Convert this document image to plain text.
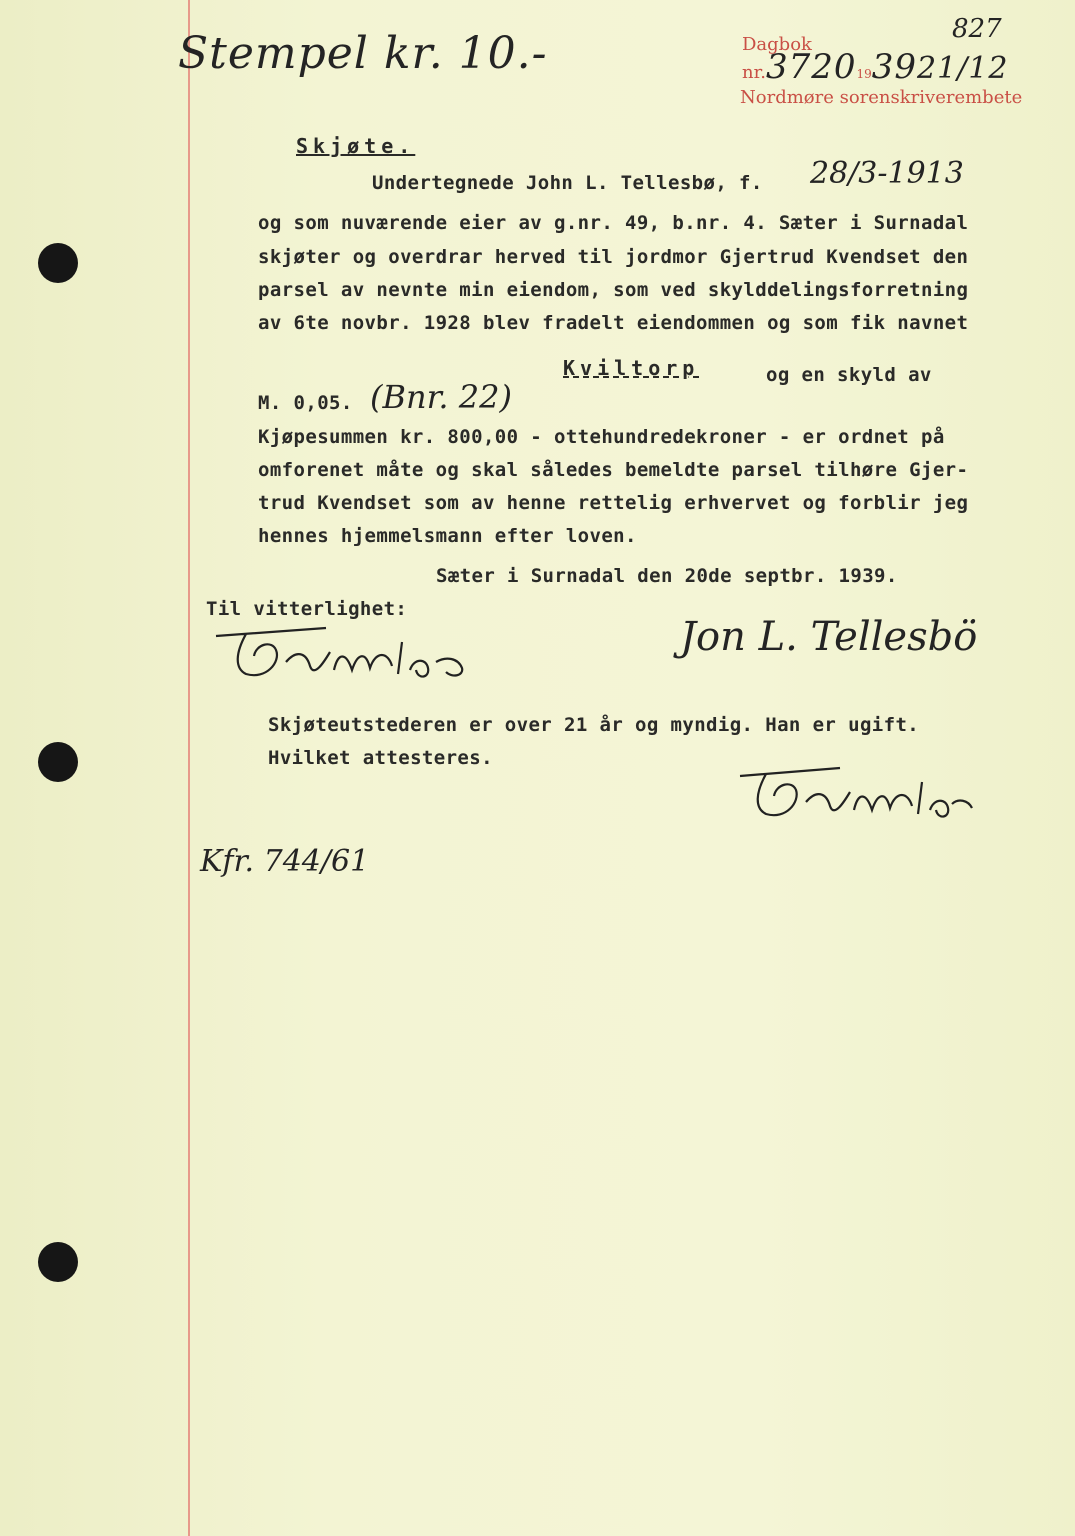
827
Stempel kr. 10.-	Dagbok nr.3720193921/12
Nordmøre sorenskriverembete
Skjøte.
Undertegnede John L. Tellesbø, f. 28/3-1913
og som nuværende eier av g.nr. 49, b.nr. 4. Sæter i Surnadal
skjøter og overdrar herved til jordmor Gjertrud Kvendset den
parsel av nevnte min eiendom, som ved skylddelingsforretning
av 6te novbr. 1928 blev fradelt eiendommen og som fik navnet
Kviltorp	og en skyld av
M. 0,05. (Bnr. 22)
Kjøpesummen kr. 800,00 - ottehundredekroner - er ordnet på
omforenet måte og skal således bemeldte parsel tilhøre Gjer-
trud Kvendset som av henne rettelig erhvervet og forblir jeg
hennes hjemmelsmann efter loven.
Sæter i Surnadal den 20de septbr. 1939.
Til vitterlighet:
Jon L. Tellesbö
Skjøteutstederen er over 21 år og myndig. Han er ugift.
Hvilket attesteres.
Kfr. 744/61
